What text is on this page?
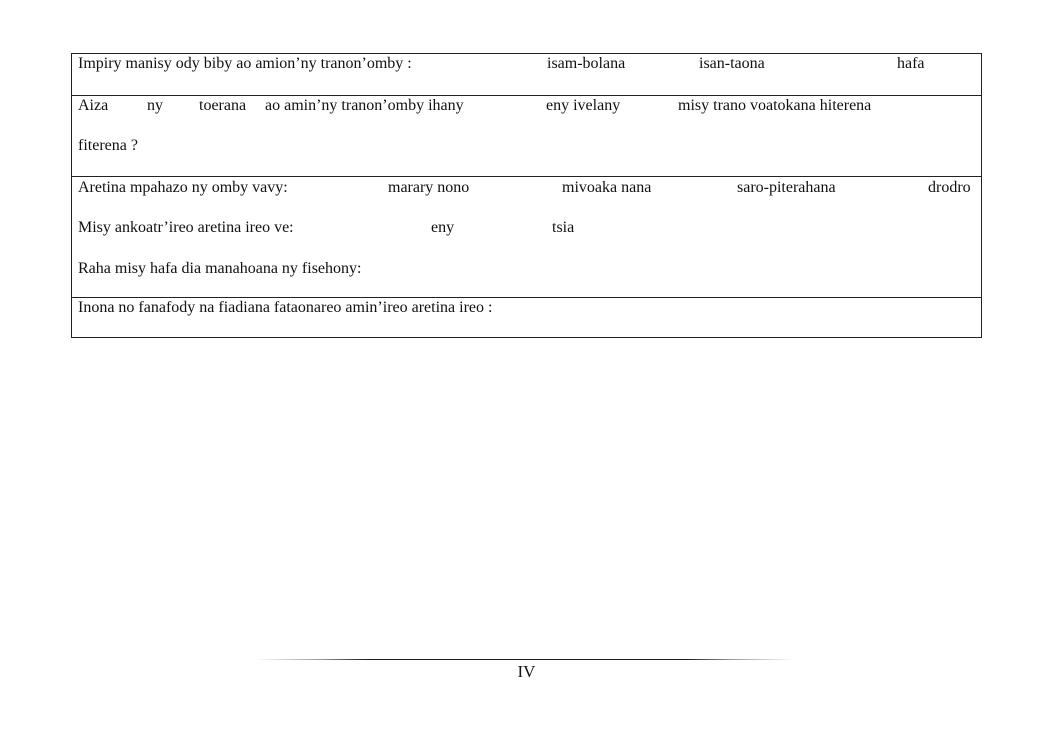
Impiry manisy ody biby ao amion’ny tranon’omby :	isam-bolana	isan-taona	hafa
Aiza ny toerana ao amin’ny tranon’omby ihany	eny ivelany	misy trano voatokana hiterena
fiterena ?
Aretina mpahazo ny omby vavy:	marary nono	mivoaka nana	saro-piterahana	drodro
Misy ankoatr’ireo aretina ireo ve:	eny	tsia
Raha misy hafa dia manahoana ny fisehony:
Inona no fanafody na fiadiana fataonareo amin’ireo aretina ireo :
IV
